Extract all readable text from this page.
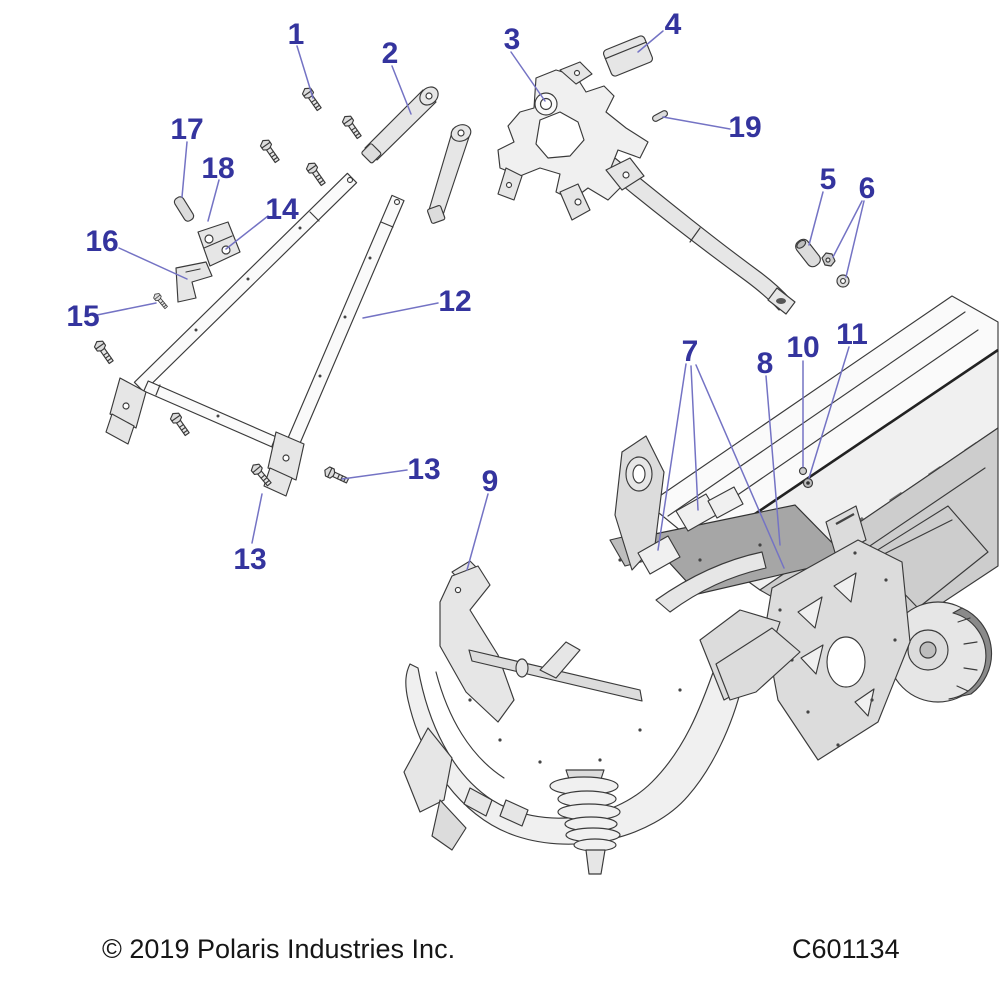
1
2	3	4
5 6
7 8
9
10 11
12
13
13
14
15
16
17
18
19
© 2019 Polaris Industries Inc.	C601134
